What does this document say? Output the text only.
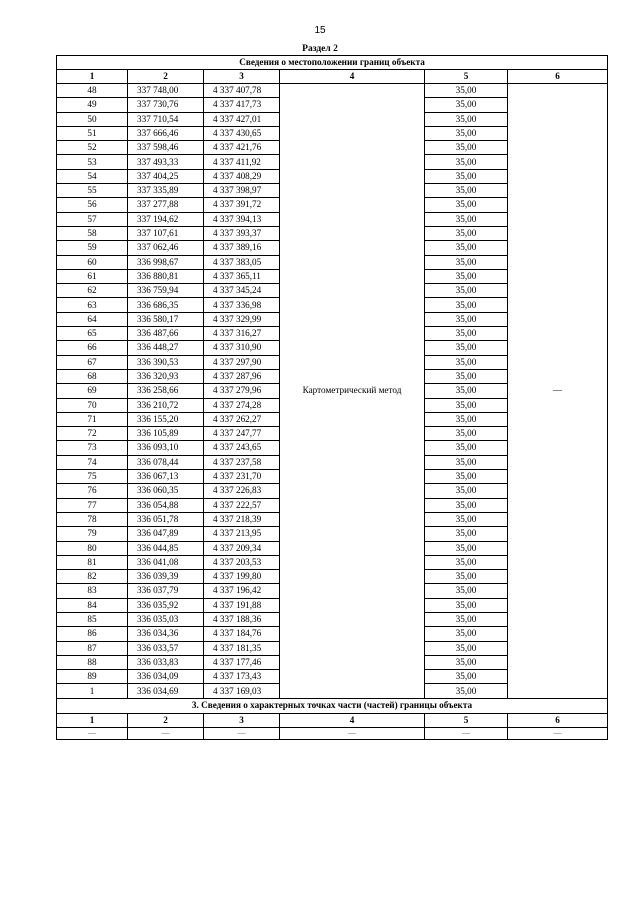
15
Раздел 2
Сведения о местоположении границ объекта					
1	2	3	4	5	6
48	337 748,00	4 337 407,78	Картометрический метод	35,00	—
49	337 730,76	4 337 417,73		35,00	
50	337 710,54	4 337 427,01		35,00	
51	337 666,46	4 337 430,65		35,00	
52	337 598,46	4 337 421,76		35,00	
53	337 493,33	4 337 411,92		35,00	
54	337 404,25	4 337 408,29		35,00	
55	337 335,89	4 337 398,97		35,00	
56	337 277,88	4 337 391,72		35,00	
57	337 194,62	4 337 394,13		35,00	
58	337 107,61	4 337 393,37		35,00	
59	337 062,46	4 337 389,16		35,00	
60	336 998,67	4 337 383,05		35,00	
61	336 880,81	4 337 365,11		35,00	
62	336 759,94	4 337 345,24		35,00	
63	336 686,35	4 337 336,98		35,00	
64	336 580,17	4 337 329,99		35,00	
65	336 487,66	4 337 316,27		35,00	
66	336 448,27	4 337 310,90		35,00	
67	336 390,53	4 337 297,90		35,00	
68	336 320,93	4 337 287,96		35,00	
69	336 258,66	4 337 279,96		35,00	
70	336 210,72	4 337 274,28		35,00	
71	336 155,20	4 337 262,27		35,00	
72	336 105,89	4 337 247,77		35,00	
73	336 093,10	4 337 243,65		35,00	
74	336 078,44	4 337 237,58		35,00	
75	336 067,13	4 337 231,70		35,00	
76	336 060,35	4 337 226,83		35,00	
77	336 054,88	4 337 222,57		35,00	
78	336 051,78	4 337 218,39		35,00	
79	336 047,89	4 337 213,95		35,00	
80	336 044,85	4 337 209,34		35,00	
81	336 041,08	4 337 203,53		35,00	
82	336 039,39	4 337 199,80		35,00	
83	336 037,79	4 337 196,42		35,00	
84	336 035,92	4 337 191,88		35,00	
85	336 035,03	4 337 188,36		35,00	
86	336 034,36	4 337 184,76		35,00	
87	336 033,57	4 337 181,35		35,00	
88	336 033,83	4 337 177,46		35,00	
89	336 034,09	4 337 173,43		35,00	
1	336 034,69	4 337 169,03		35,00	
3. Сведения о характерных точках части (частей) границы объекта					
1	2	3	4	5	6
—	—	—	—	—	—
